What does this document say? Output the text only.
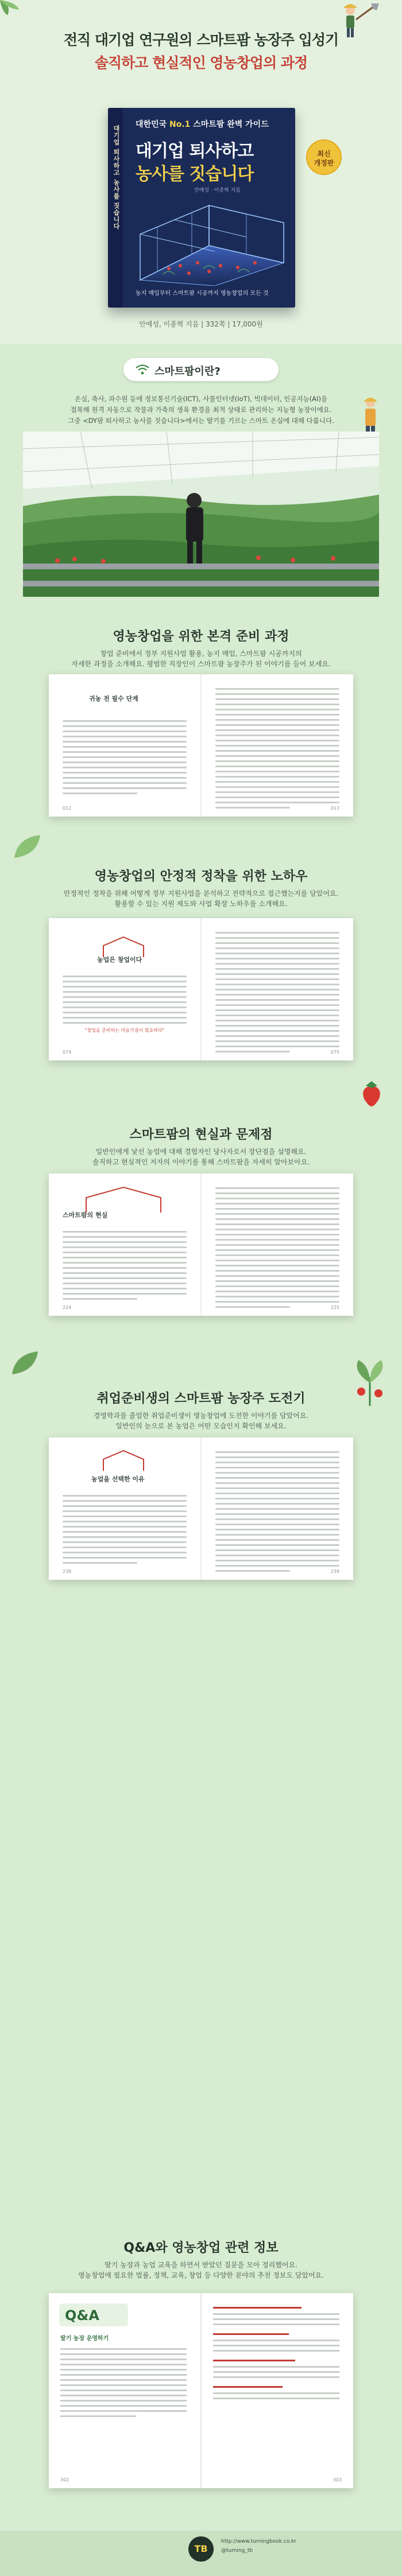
전직 대기업 연구원의 스마트팜 농장주 입성기
솔직하고 현실적인 영농창업의 과정
대기업 퇴사하고 농사를 짓습니다
대한민국 No.1 스마트팜 완벽 가이드
대기업 퇴사하고
농사를 짓습니다
안예성 · 이종혁 지음
농지 매입부터 스마트팜 시공까지 영농창업의 모든 것
최신
개정판
안예성, 이종혁 지음 | 332쪽 | 17,000원
스마트팜이란?
온실, 축사, 과수원 등에 정보통신기술(ICT), 사물인터넷(IoT), 빅데이터, 인공지능(AI)을
접목해 원격 자동으로 작물과 가축의 생육 환경을 최적 상태로 관리하는 지능형 농장이에요.
그중 <DY팜 퇴사하고 농사를 짓습니다>에서는 딸기를 기르는 스마트 온실에 대해 다룹니다.
영농창업을 위한 본격 준비 과정
창업 준비에서 정부 지원사업 활용, 농지 매입, 스마트팜 시공까지의
자세한 과정을 소개해요. 평범한 직장인이 스마트팜 농장주가 된 이야기를 들어 보세요.
귀농 전 필수 단계
012	013
영농창업의 안정적 정착을 위한 노하우
안정적인 정착을 위해 어떻게 정부 지원사업을 분석하고 전략적으로 접근했는지를 담았어요.
활용할 수 있는 지원 제도와 사업 확장 노하우를 소개해요.
농업은 창업이다
"창업을 준비하는 마음가짐이 필요하다"
074	075
스마트팜의 현실과 문제점
일반인에게 낯선 농업에 대해 경험자인 당사자로서 장단점을 설명해요.
솔직하고 현실적인 저자의 이야기를 통해 스마트팜을 자세히 알아보아요.
스마트팜의 현실
224	225
취업준비생의 스마트팜 농장주 도전기
경영학과를 졸업한 취업준비생이 영농창업에 도전한 이야기를 담았어요.
일반인의 눈으로 본 농업은 어떤 모습인지 확인해 보세요.
농업을 선택한 이유
238	239
Q&A와 영농창업 관련 정보
딸기 농장과 농업 교육을 하면서 받았던 질문을 모아 정리했어요.
영농창업에 필요한 법률, 정책, 교육, 창업 등 다양한 분야의 추천 정보도 담았어요.
Q&A
딸기 농장 운영하기
302	303
TB
http://www.turningbook.co.kr
@turning_tb
